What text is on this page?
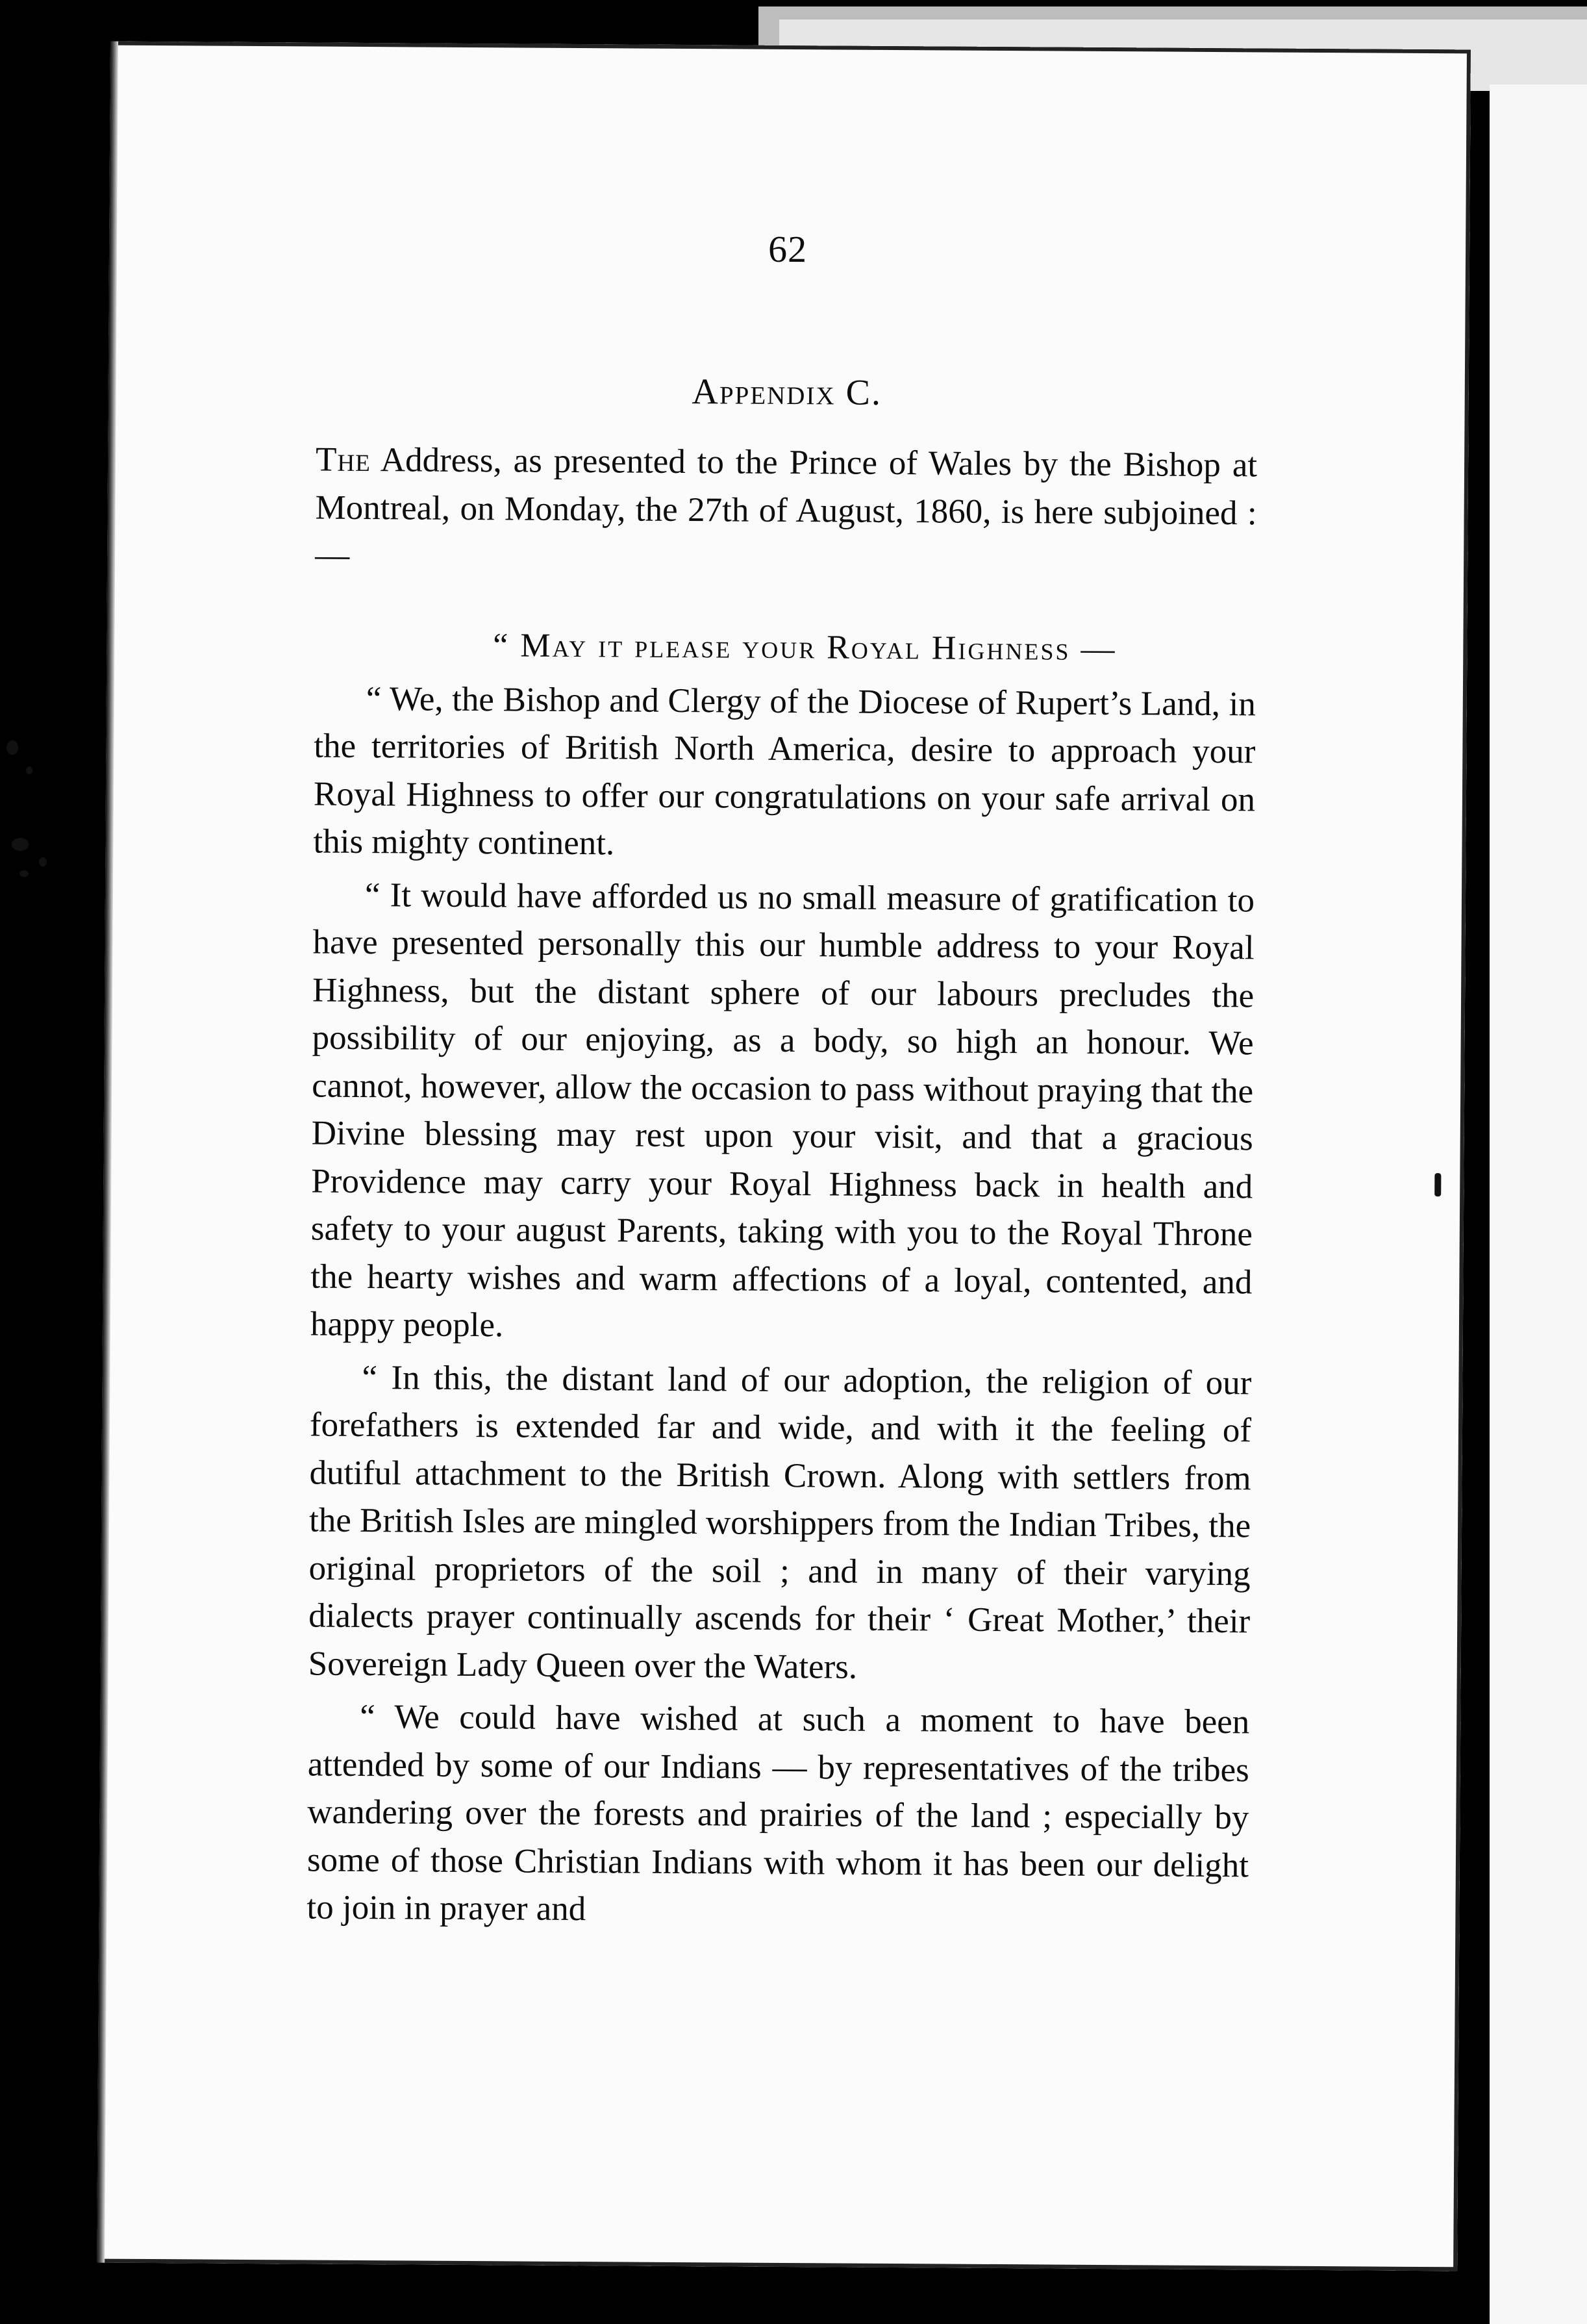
62
Appendix C.

The Address, as presented to the Prince of Wales by the Bishop at Montreal, on Monday, the 27th of August, 1860, is here subjoined : —

“ May it please your Royal Highness —

“ We, the Bishop and Clergy of the Diocese of Rupert’s Land, in the territories of British North America, desire to approach your Royal Highness to offer our congratulations on your safe arrival on this mighty continent.

“ It would have afforded us no small measure of gratification to have presented personally this our humble address to your Royal Highness, but the distant sphere of our labours precludes the possibility of our enjoying, as a body, so high an honour. We cannot, however, allow the occasion to pass without praying that the Divine blessing may rest upon your visit, and that a gracious Providence may carry your Royal Highness back in health and safety to your august Parents, taking with you to the Royal Throne the hearty wishes and warm affections of a loyal, contented, and happy people.

“ In this, the distant land of our adoption, the religion of our forefathers is extended far and wide, and with it the feeling of dutiful attachment to the British Crown. Along with settlers from the British Isles are mingled worshippers from the Indian Tribes, the original proprietors of the soil ; and in many of their varying dialects prayer continually ascends for their ‘ Great Mother,’ their Sovereign Lady Queen over the Waters.

“ We could have wished at such a moment to have been attended by some of our Indians — by representatives of the tribes wandering over the forests and prairies of the land ; especially by some of those Christian Indians with whom it has been our delight to join in prayer and
